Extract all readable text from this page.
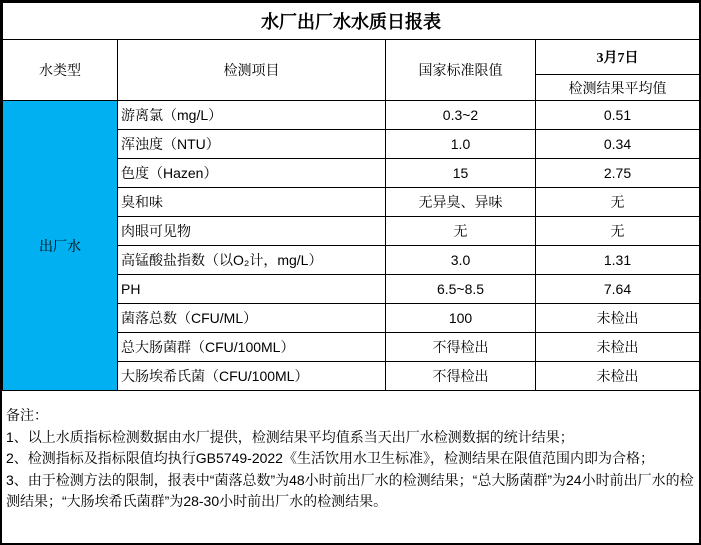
水厂出厂水水质日报表			
水类型	检测项目	国家标准限值	3月7日
			检测结果平均值
出厂水	游离氯（mg/L）	0.3~2	0.51
	浑浊度（NTU）	1.0	0.34
	色度（Hazen）	15	2.75
	臭和味	无异臭、异味	无
	肉眼可见物	无	无
	高锰酸盐指数（以O₂计，mg/L）	3.0	1.31
	PH	6.5~8.5	7.64
	菌落总数（CFU/ML）	100	未检出
	总大肠菌群（CFU/100ML）	不得检出	未检出
	大肠埃希氏菌（CFU/100ML）	不得检出	未检出
备注：
1、以上水质指标检测数据由水厂提供，检测结果平均值系当天出厂水检测数据的统计结果；
2、检测指标及指标限值均执行GB5749-2022《生活饮用水卫生标准》，检测结果在限值范围内即为合格；
3、由于检测方法的限制，报表中“菌落总数”为48小时前出厂水的检测结果；“总大肠菌群”为24小时前出厂水的检测结果；“大肠埃希氏菌群”为28-30小时前出厂水的检测结果。
